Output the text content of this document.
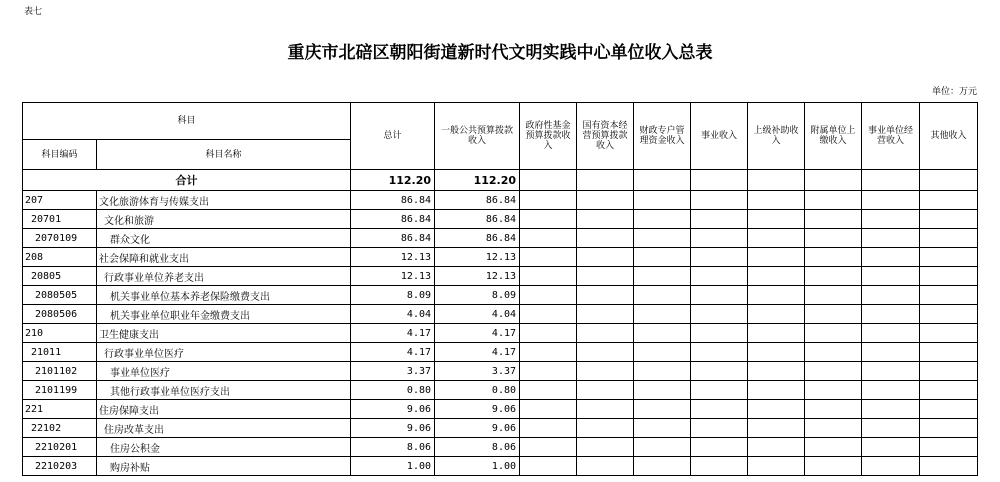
表七
重庆市北碚区朝阳街道新时代文明实践中心单位收入总表
单位：万元
科目		总计	一般公共预算拨款收入	政府性基金预算拨款收入	国有资本经营预算拨款收入	财政专户管理资金收入	事业收入	上级补助收入	附属单位上缴收入	事业单位经营收入	其他收入
科目编码	科目名称										
合计		112.20	112.20								
207	文化旅游体育与传媒支出	86.84	86.84								
20701	文化和旅游	86.84	86.84								
2070109	群众文化	86.84	86.84								
208	社会保障和就业支出	12.13	12.13								
20805	行政事业单位养老支出	12.13	12.13								
2080505	机关事业单位基本养老保险缴费支出	8.09	8.09								
2080506	机关事业单位职业年金缴费支出	4.04	4.04								
210	卫生健康支出	4.17	4.17								
21011	行政事业单位医疗	4.17	4.17								
2101102	事业单位医疗	3.37	3.37								
2101199	其他行政事业单位医疗支出	0.80	0.80								
221	住房保障支出	9.06	9.06								
22102	住房改革支出	9.06	9.06								
2210201	住房公积金	8.06	8.06								
2210203	购房补贴	1.00	1.00								
